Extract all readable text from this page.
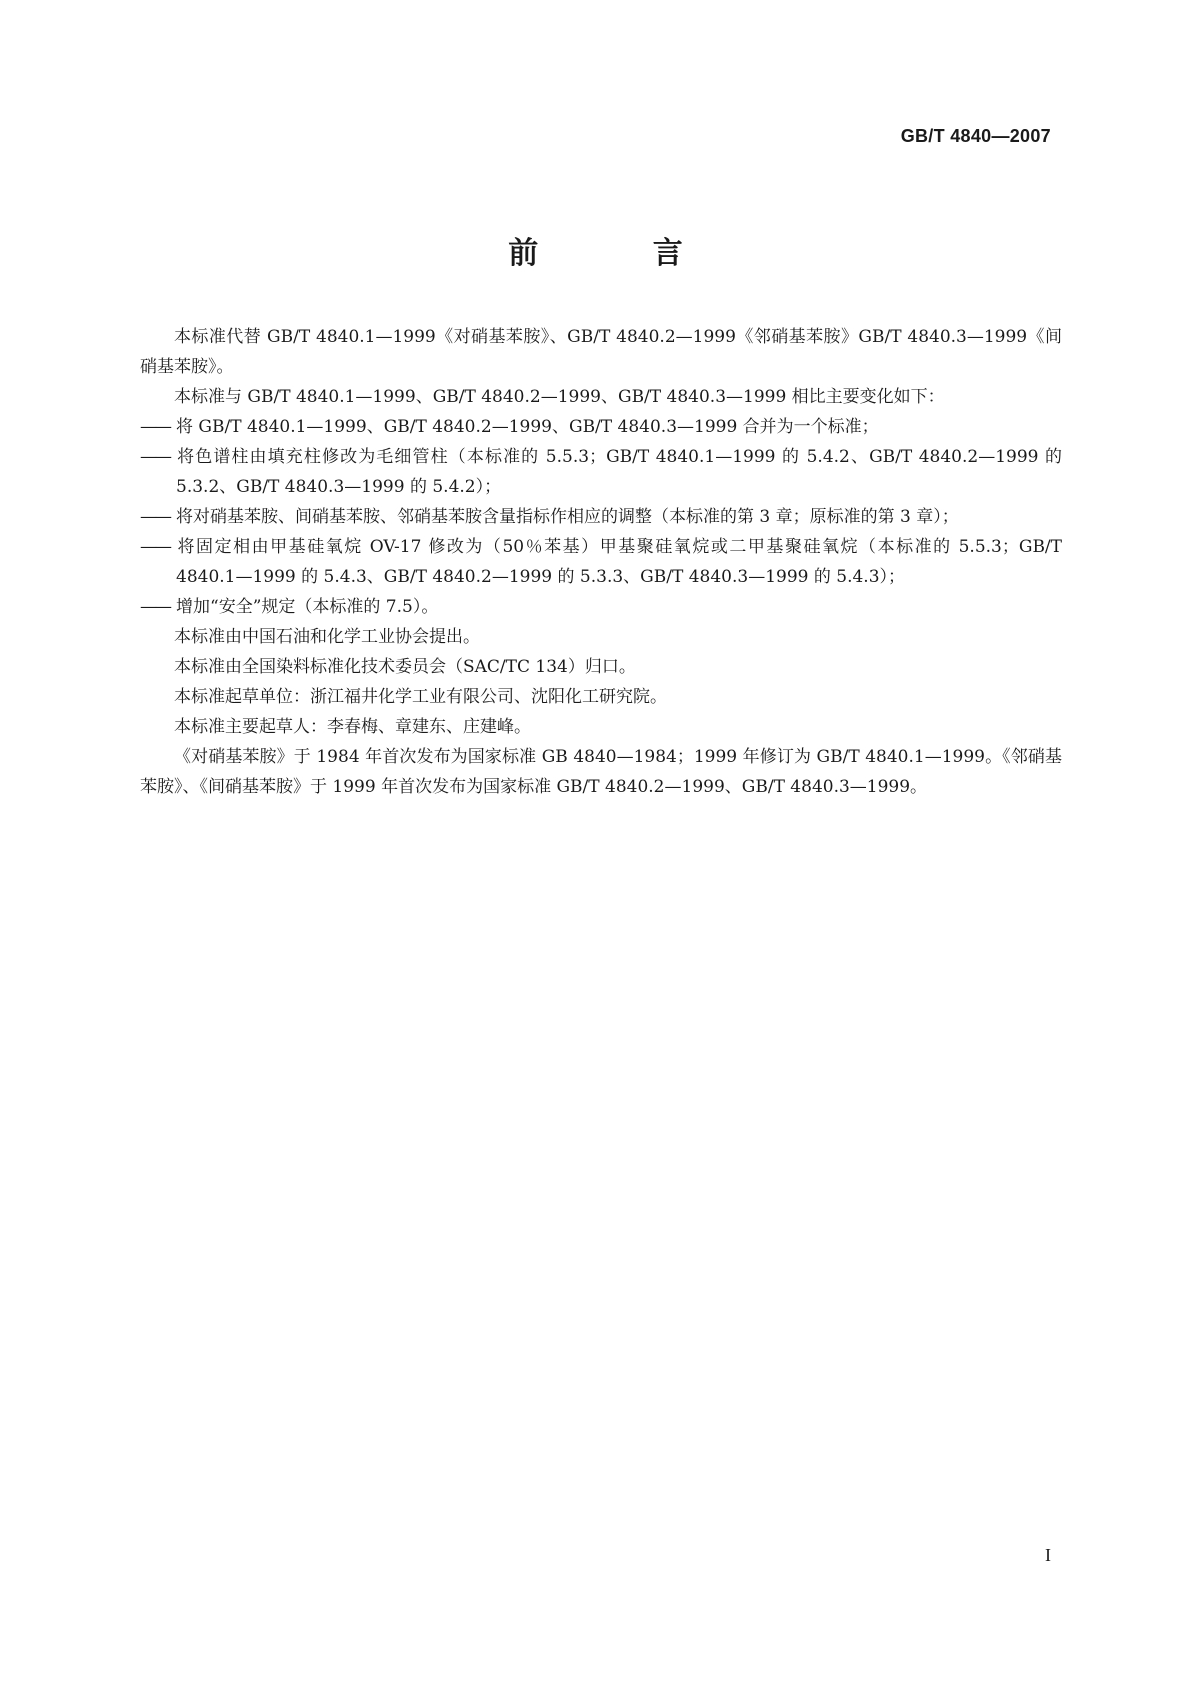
GB/T 4840—2007
前 言

本标准代替 GB/T 4840.1—1999《对硝基苯胺》、GB/T 4840.2—1999《邻硝基苯胺》GB/T 4840.3—1999《间硝基苯胺》。

本标准与 GB/T 4840.1—1999、GB/T 4840.2—1999、GB/T 4840.3—1999 相比主要变化如下：

—— 将 GB/T 4840.1—1999、GB/T 4840.2—1999、GB/T 4840.3—1999 合并为一个标准；

—— 将色谱柱由填充柱修改为毛细管柱（本标准的 5.5.3；GB/T 4840.1—1999 的 5.4.2、GB/T 4840.2—1999 的 5.3.2、GB/T 4840.3—1999 的 5.4.2）；

—— 将对硝基苯胺、间硝基苯胺、邻硝基苯胺含量指标作相应的调整（本标准的第 3 章；原标准的第 3 章）；

—— 将固定相由甲基硅氧烷 OV-17 修改为（50％苯基）甲基聚硅氧烷或二甲基聚硅氧烷（本标准的 5.5.3；GB/T 4840.1—1999 的 5.4.3、GB/T 4840.2—1999 的 5.3.3、GB/T 4840.3—1999 的 5.4.3）；

—— 增加“安全”规定（本标准的 7.5）。

本标准由中国石油和化学工业协会提出。

本标准由全国染料标准化技术委员会（SAC/TC 134）归口。

本标准起草单位：浙江福井化学工业有限公司、沈阳化工研究院。

本标准主要起草人：李春梅、章建东、庄建峰。

《对硝基苯胺》于 1984 年首次发布为国家标准 GB 4840—1984；1999 年修订为 GB/T 4840.1—1999。《邻硝基苯胺》、《间硝基苯胺》于 1999 年首次发布为国家标准 GB/T 4840.2—1999、GB/T 4840.3—1999。

I
